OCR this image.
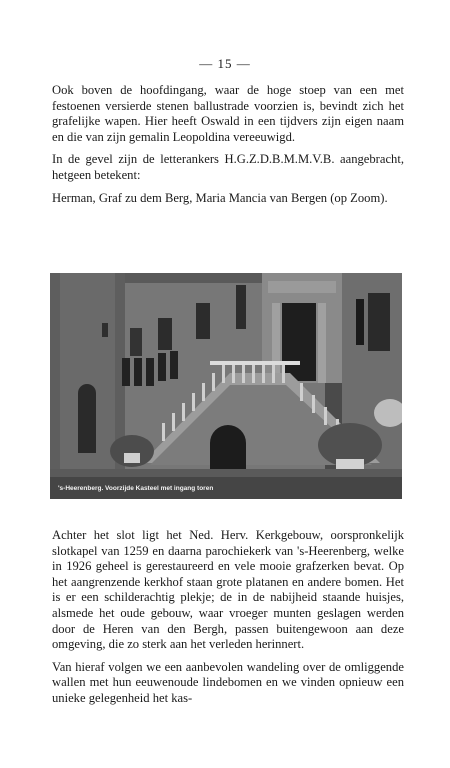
— 15 —

Ook boven de hoofdingang, waar de hoge stoep van een met festoenen versierde stenen ballustrade voorzien is, bevindt zich het grafelijke wapen. Hier heeft Oswald in een tijdvers zijn eigen naam en die van zijn gemalin Leopoldina vereeuwigd.

In de gevel zijn de letterankers H.G.Z.D.B.M.M.V.B. aangebracht, hetgeen betekent:

Herman, Graf zu dem Berg, Maria Mancia van Bergen (op Zoom).

's-Heerenberg. Voorzijde Kasteel met ingang toren

Achter het slot ligt het Ned. Herv. Kerkgebouw, oorspronkelijk slotkapel van 1259 en daarna parochiekerk van 's-Heerenberg, welke in 1926 geheel is gerestaureerd en vele mooie grafzerken bevat. Op het aangrenzende kerkhof staan grote platanen en andere bomen. Het is er een schilderachtig plekje; de in de nabijheid staande huisjes, alsmede het oude gebouw, waar vroeger munten geslagen werden door de Heren van den Bergh, passen buitengewoon aan deze omgeving, die zo sterk aan het verleden herinnert.

Van hieraf volgen we een aanbevolen wandeling over de omliggende wallen met hun eeuwenoude lindebomen en we vinden opnieuw een unieke gelegenheid het kas-
